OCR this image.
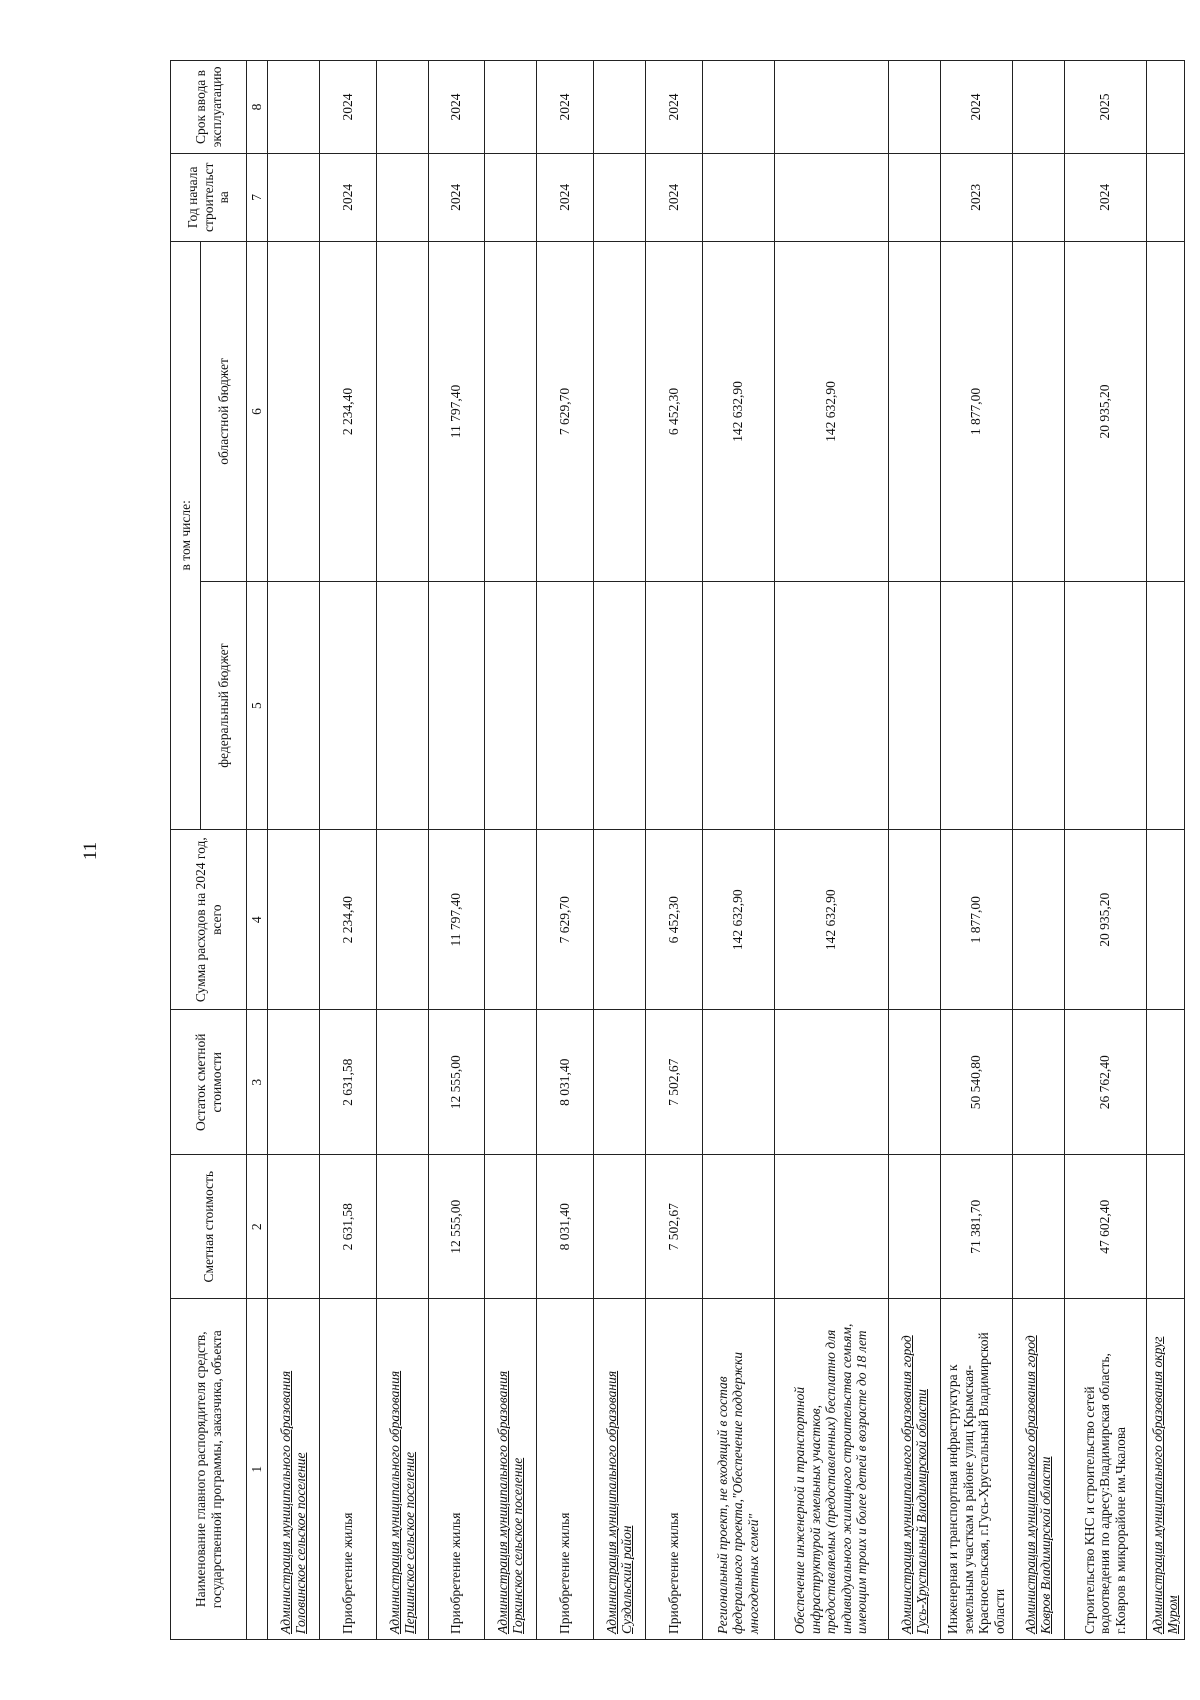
11
Наименование главного распорядителя средств, государственной программы, заказчика, объекта	Сметная стоимость	Остаток сметной стоимости	Сумма расходов на 2024 год, всего	в том числе:		Год начала строительст ва	Срок ввода в эксплуатацию
				федеральный бюджет	областной бюджет		
1	2	3	4	5	6	7	8
Администрация муниципального образования Головинское сельское поселение							
Приобретение жилья	2 631,58	2 631,58	2 234,40		2 234,40	2024	2024
Администрация муниципального образования Першинское сельское поселение							
Приобретение жилья	12 555,00	12 555,00	11 797,40		11 797,40	2024	2024
Администрация муниципального образования Горкинское сельское поселение							
Приобретение жилья	8 031,40	8 031,40	7 629,70		7 629,70	2024	2024
Администрация муниципального образования Суздальский район							
Приобретение жилья	7 502,67	7 502,67	6 452,30		6 452,30	2024	2024
Региональный проект, не входящий в состав федерального проекта,"Обеспечение поддержки многодетных семей"			142 632,90		142 632,90		
Обеспечение инженерной и транспортной инфраструктурой земельных участков, предоставляемых (предоставленных) бесплатно для индивидуального жилищного строительства семьям, имеющим троих и более детей в возрасте до 18 лет			142 632,90		142 632,90		
Администрация муниципального образования город Гусь-Хрустальный Владимирской области							
Инженерная и транспортная инфраструктура к земельным участкам в районе улиц Крымская-Красносельская, г.Гусь-Хрустальный Владимирской области	71 381,70	50 540,80	1 877,00		1 877,00	2023	2024
Администрация муниципального образования город Ковров Владимирской области							
Строительство КНС и строительство сетей водоотведения по адресу:Владимирская область, г.Ковров в микрорайоне им.Чкалова	47 602,40	26 762,40	20 935,20		20 935,20	2024	2025
Администрация муниципального образования округ Муром							
